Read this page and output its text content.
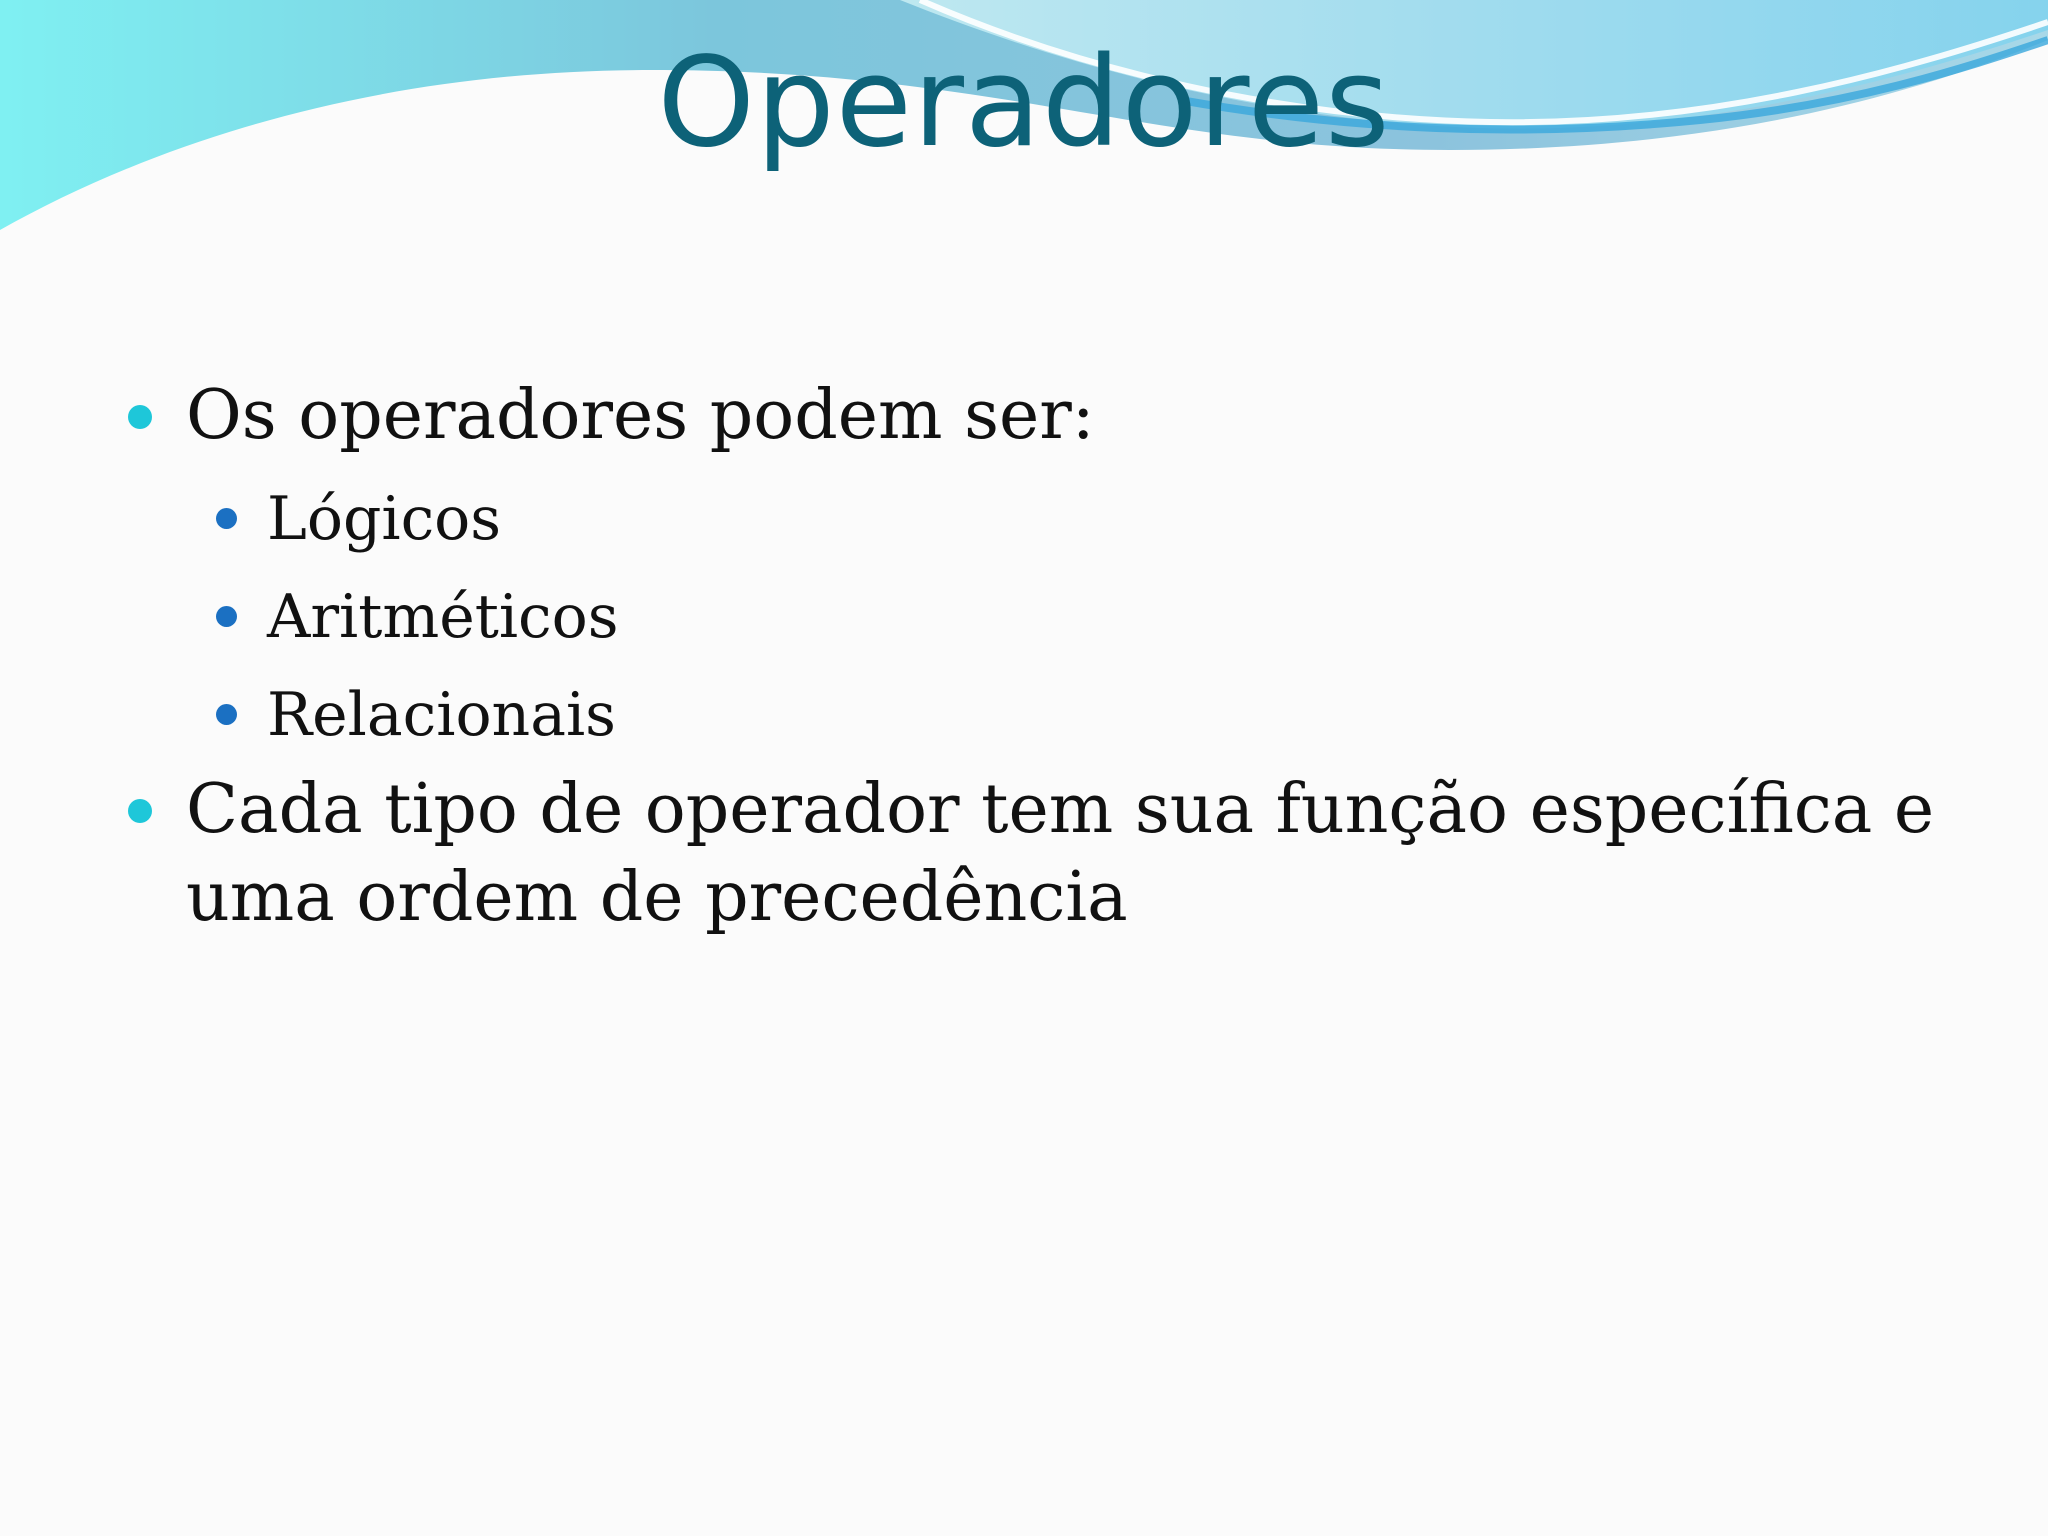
Operadores
Os operadores podem ser:
Lógicos
Aritméticos
Relacionais
Cada tipo de operador tem sua função específica e uma ordem de precedência
